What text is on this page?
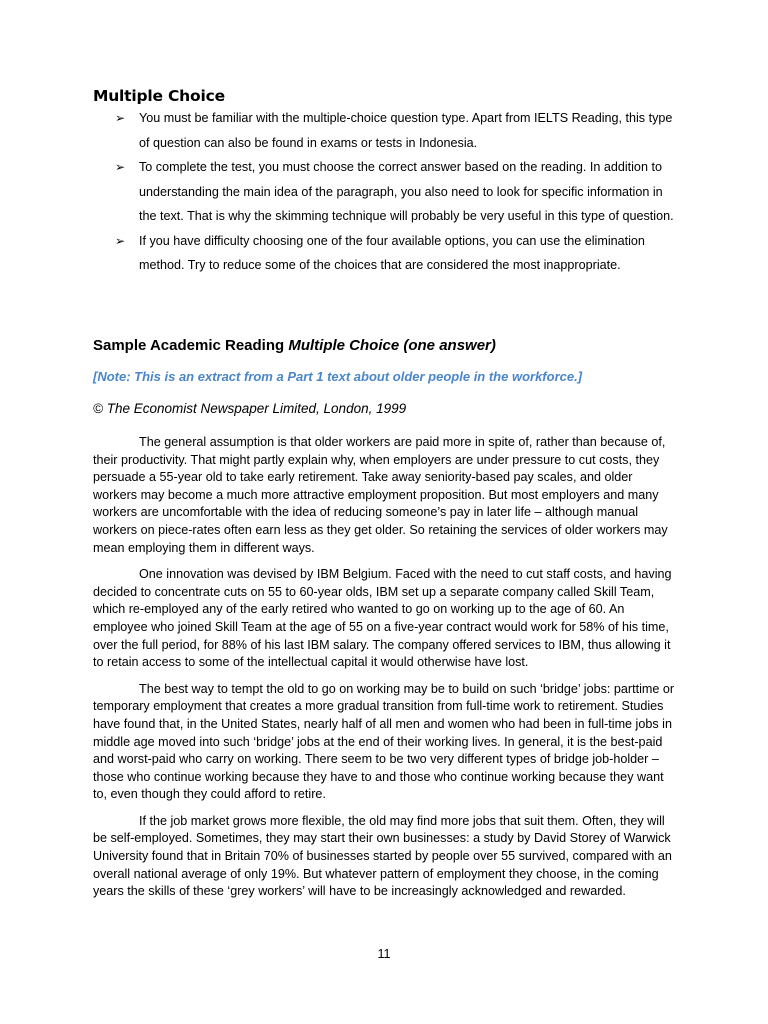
Multiple Choice
➢ You must be familiar with the multiple-choice question type. Apart from IELTS Reading, this type of question can also be found in exams or tests in Indonesia.
➢ To complete the test, you must choose the correct answer based on the reading. In addition to understanding the main idea of the paragraph, you also need to look for specific information in the text. That is why the skimming technique will probably be very useful in this type of question.
➢ If you have difficulty choosing one of the four available options, you can use the elimination method. Try to reduce some of the choices that are considered the most inappropriate.
Sample Academic Reading Multiple Choice (one answer)

[Note: This is an extract from a Part 1 text about older people in the workforce.]

© The Economist Newspaper Limited, London, 1999

The general assumption is that older workers are paid more in spite of, rather than because of, their productivity. That might partly explain why, when employers are under pressure to cut costs, they persuade a 55-year old to take early retirement. Take away seniority-based pay scales, and older workers may become a much more attractive employment proposition. But most employers and many workers are uncomfortable with the idea of reducing someone’s pay in later life – although manual workers on piece-rates often earn less as they get older. So retaining the services of older workers may mean employing them in different ways.

One innovation was devised by IBM Belgium. Faced with the need to cut staff costs, and having decided to concentrate cuts on 55 to 60-year olds, IBM set up a separate company called Skill Team, which re-employed any of the early retired who wanted to go on working up to the age of 60. An employee who joined Skill Team at the age of 55 on a five-year contract would work for 58% of his time, over the full period, for 88% of his last IBM salary. The company offered services to IBM, thus allowing it to retain access to some of the intellectual capital it would otherwise have lost.

The best way to tempt the old to go on working may be to build on such ‘bridge’ jobs: parttime or temporary employment that creates a more gradual transition from full-time work to retirement. Studies have found that, in the United States, nearly half of all men and women who had been in full-time jobs in middle age moved into such ‘bridge’ jobs at the end of their working lives. In general, it is the best-paid and worst-paid who carry on working. There seem to be two very different types of bridge job-holder – those who continue working because they have to and those who continue working because they want to, even though they could afford to retire.

If the job market grows more flexible, the old may find more jobs that suit them. Often, they will be self-employed. Sometimes, they may start their own businesses: a study by David Storey of Warwick University found that in Britain 70% of businesses started by people over 55 survived, compared with an overall national average of only 19%. But whatever pattern of employment they choose, in the coming years the skills of these ‘grey workers’ will have to be increasingly acknowledged and rewarded.

11
